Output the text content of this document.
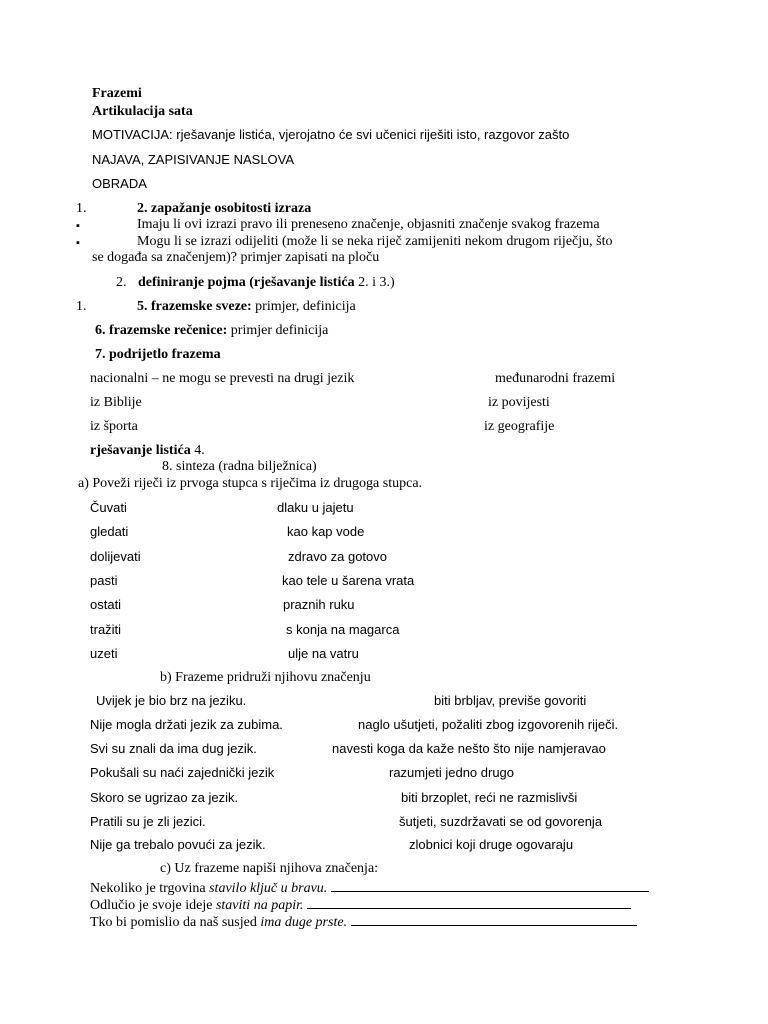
Frazemi
Artikulacija sata
MOTIVACIJA: rješavanje listića, vjerojatno će svi učenici riješiti isto, razgovor zašto
NAJAVA, ZAPISIVANJE NASLOVA
OBRADA
1.	2. zapažanje osobitosti izraza
▪	Imaju li ovi izrazi pravo ili preneseno značenje, objasniti značenje svakog frazema
▪	Mogu li se izrazi odijeliti (može li se neka riječ zamijeniti nekom drugom riječju, što
se događa sa značenjem)? primjer zapisati na ploču
2. definiranje pojma (rješavanje listića 2. i 3.)
1.	5. frazemske sveze: primjer, definicija
6. frazemske rečenice: primjer definicija
7. podrijetlo frazema
nacionalni – ne mogu se prevesti na drugi jezik	međunarodni frazemi
iz Biblije	iz povijesti
iz športa	iz geografije
rješavanje listića 4.
8. sinteza (radna bilježnica)
a) Poveži riječi iz prvoga stupca s riječima iz drugoga stupca.
Čuvati	dlaku u jajetu
gledati	kao kap vode
dolijevati	zdravo za gotovo
pasti	kao tele u šarena vrata
ostati	praznih ruku
tražiti	s konja na magarca
uzeti	ulje na vatru
b) Frazeme pridruži njihovu značenju
Uvijek je bio brz na jeziku.	biti brbljav, previše govoriti
Nije mogla držati jezik za zubima.	naglo ušutjeti, požaliti zbog izgovorenih riječi.
Svi su znali da ima dug jezik.	navesti koga da kaže nešto što nije namjeravao
Pokušali su naći zajednički jezik	razumjeti jedno drugo
Skoro se ugrizao za jezik.	biti brzoplet, reći ne razmislivši
Pratili su je zli jezici.	šutjeti, suzdržavati se od govorenja
Nije ga trebalo povući za jezik.	zlobnici koji druge ogovaraju
c) Uz frazeme napiši njihova značenja:
Nekoliko je trgovina stavilo ključ u bravu.
Odlučio je svoje ideje staviti na papir.
Tko bi pomislio da naš susjed ima duge prste.
